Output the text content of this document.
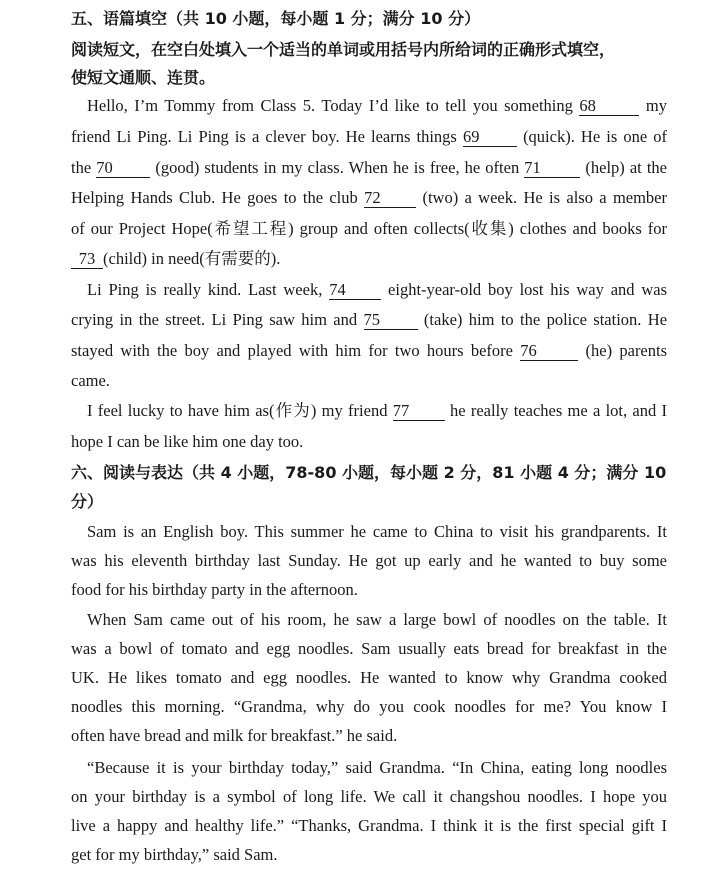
五、语篇填空（共 10 小题，每小题 1 分；满分 10 分）
阅读短文，在空白处填入一个适当的单词或用括号内所给词的正确形式填空，
使短文通顺、连贯。
Hello, I’m Tommy from Class 5. Today I’d like to tell you something 68	my
friend Li Ping. Li Ping is a clever boy. He learns things 69	(quick). He is one of
the 70	(good) students in my class. When he is free, he often 71	(help) at the
Helping Hands Club. He goes to the club 72	(two) a week. He is also a member
of our Project Hope(希望工程) group and often collects(收集) clothes and books for
73 (child) in need(有需要的).
Li Ping is really kind. Last week, 74	eight-year-old boy lost his way and was
crying in the street. Li Ping saw him and 75	(take) him to the police station. He
stayed with the boy and played with him for two hours before 76	(he) parents
came.
I feel lucky to have him as(作为) my friend 77 he really teaches me a lot, and I
hope I can be like him one day too.
六、阅读与表达（共 4 小题，78-80 小题，每小题 2 分，81 小题 4 分；满分 10
分）
Sam is an English boy. This summer he came to China to visit his grandparents. It
was his eleventh birthday last Sunday. He got up early and he wanted to buy some
food for his birthday party in the afternoon.
When Sam came out of his room, he saw a large bowl of noodles on the table. It
was a bowl of tomato and egg noodles. Sam usually eats bread for breakfast in the
UK. He likes tomato and egg noodles. He wanted to know why Grandma cooked
noodles this morning. “Grandma, why do you cook noodles for me? You know I
often have bread and milk for breakfast.” he said.
“Because it is your birthday today,” said Grandma. “In China, eating long noodles
on your birthday is a symbol of long life. We call it changshou noodles. I hope you
live a happy and healthy life.” “Thanks, Grandma. I think it is the first special gift I
get for my birthday,” said Sam.
